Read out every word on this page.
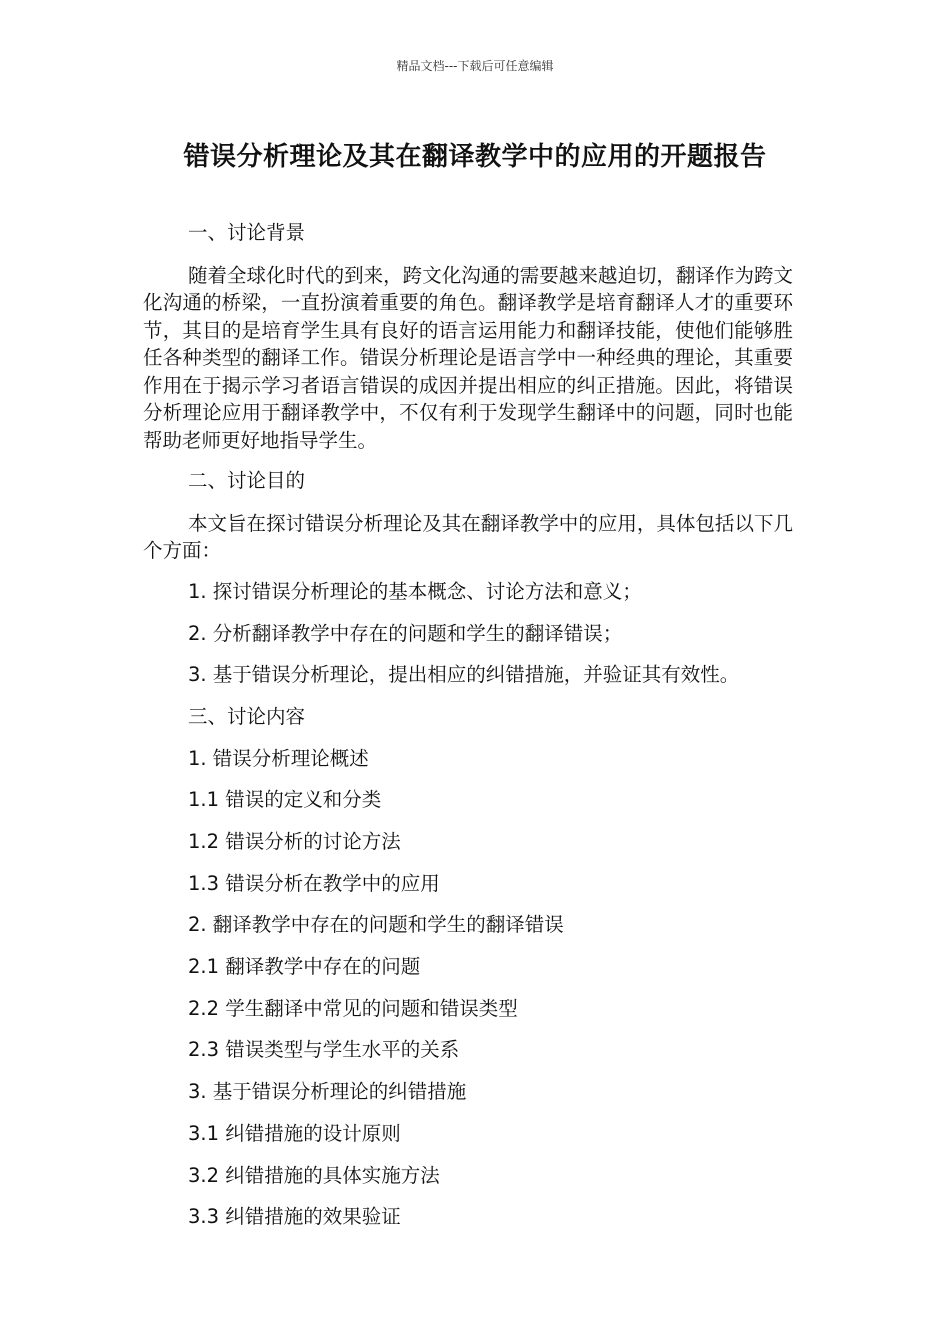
精品文档---下载后可任意编辑
错误分析理论及其在翻译教学中的应用的开题报告
一、讨论背景
随着全球化时代的到来，跨文化沟通的需要越来越迫切，翻译作为跨文化沟通的桥梁，一直扮演着重要的角色。翻译教学是培育翻译人才的重要环节，其目的是培育学生具有良好的语言运用能力和翻译技能，使他们能够胜任各种类型的翻译工作。错误分析理论是语言学中一种经典的理论，其重要作用在于揭示学习者语言错误的成因并提出相应的纠正措施。因此，将错误分析理论应用于翻译教学中，不仅有利于发现学生翻译中的问题，同时也能帮助老师更好地指导学生。
二、讨论目的
本文旨在探讨错误分析理论及其在翻译教学中的应用，具体包括以下几个方面：
1. 探讨错误分析理论的基本概念、讨论方法和意义；
2. 分析翻译教学中存在的问题和学生的翻译错误；
3. 基于错误分析理论，提出相应的纠错措施，并验证其有效性。
三、讨论内容
1. 错误分析理论概述
1.1 错误的定义和分类
1.2 错误分析的讨论方法
1.3 错误分析在教学中的应用
2. 翻译教学中存在的问题和学生的翻译错误
2.1 翻译教学中存在的问题
2.2 学生翻译中常见的问题和错误类型
2.3 错误类型与学生水平的关系
3. 基于错误分析理论的纠错措施
3.1 纠错措施的设计原则
3.2 纠错措施的具体实施方法
3.3 纠错措施的效果验证
